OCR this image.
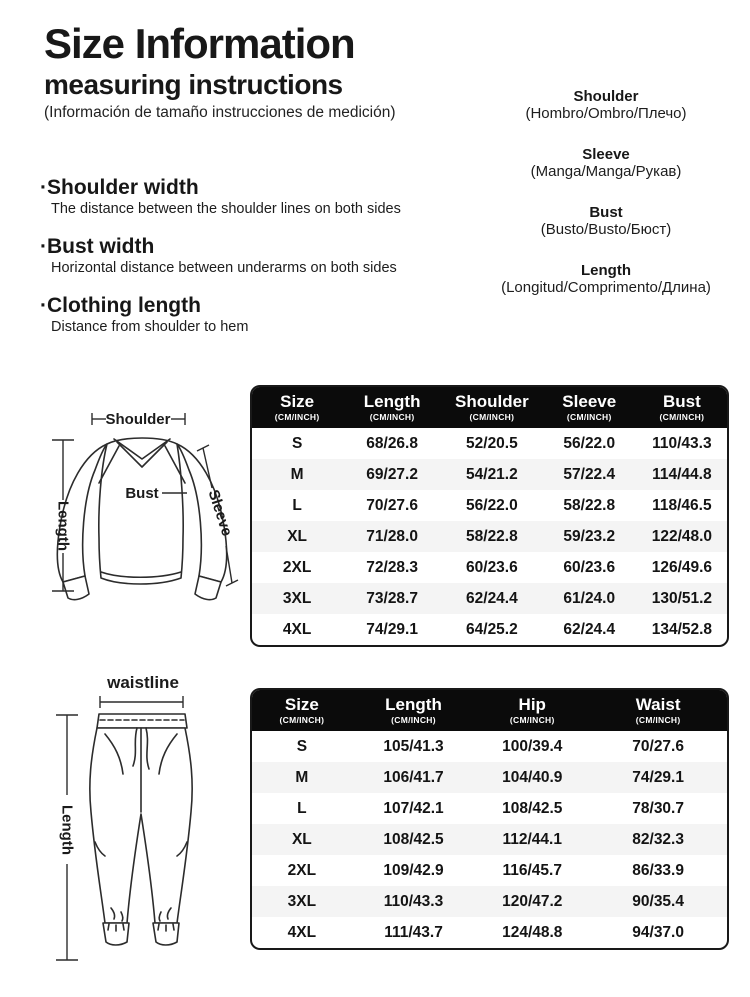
Size Information
measuring instructions
(Información de tamaño instrucciones de medición)
Shoulder
(Hombro/Ombro/Плечо)
Sleeve
(Manga/Manga/Рукав)
Bust
(Busto/Busto/Бюст)
Length
(Longitud/Comprimento/Длина)
·Shoulder width
The distance between the shoulder lines on both sides
·Bust width
Horizontal distance between underarms on both sides
·Clothing length
Distance from shoulder to hem
Shoulder
Length
Bust	Sleeve
waistline
Length
Size
(CM/INCH)

Length
(CM/INCH)

Shoulder
(CM/INCH)

Sleeve
(CM/INCH)

Bust
(CM/INCH)

S	68/26.8	52/20.5	56/22.0	110/43.3
M	69/27.2	54/21.2	57/22.4	114/44.8
L	70/27.6	56/22.0	58/22.8	118/46.5
XL	71/28.0	58/22.8	59/23.2	122/48.0
2XL	72/28.3	60/23.6	60/23.6	126/49.6
3XL	73/28.7	62/24.4	61/24.0	130/51.2
4XL	74/29.1	64/25.2	62/24.4	134/52.8
Size
(CM/INCH)

Length
(CM/INCH)

Hip
(CM/INCH)

Waist
(CM/INCH)

S	105/41.3	100/39.4	70/27.6
M	106/41.7	104/40.9	74/29.1
L	107/42.1	108/42.5	78/30.7
XL	108/42.5	112/44.1	82/32.3
2XL	109/42.9	116/45.7	86/33.9
3XL	110/43.3	120/47.2	90/35.4
4XL	111/43.7	124/48.8	94/37.0
